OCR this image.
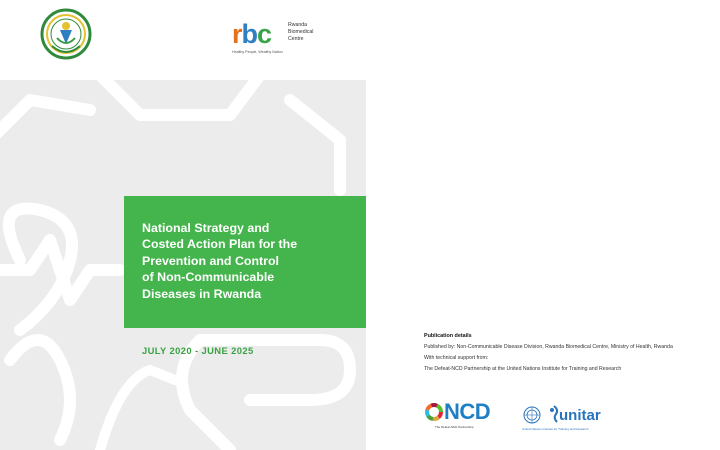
rbc	Rwanda
Biomedical
Centre
Healthy People, Wealthy Nation
National Strategy and
Costed Action Plan for the
Prevention and Control
of Non-Communicable
Diseases in Rwanda
JULY 2020 - JUNE 2025

Publication details

Published by: Non-Communicable Disease Division, Rwanda Biomedical Centre, Ministry of Health, Rwanda

With technical support from:

The Defeat-NCD Partnership at the United Nations Institute for Training and Research

NCD
The Defeat-NCD Partnership
unitar
United Nations Institute for Training and Research
